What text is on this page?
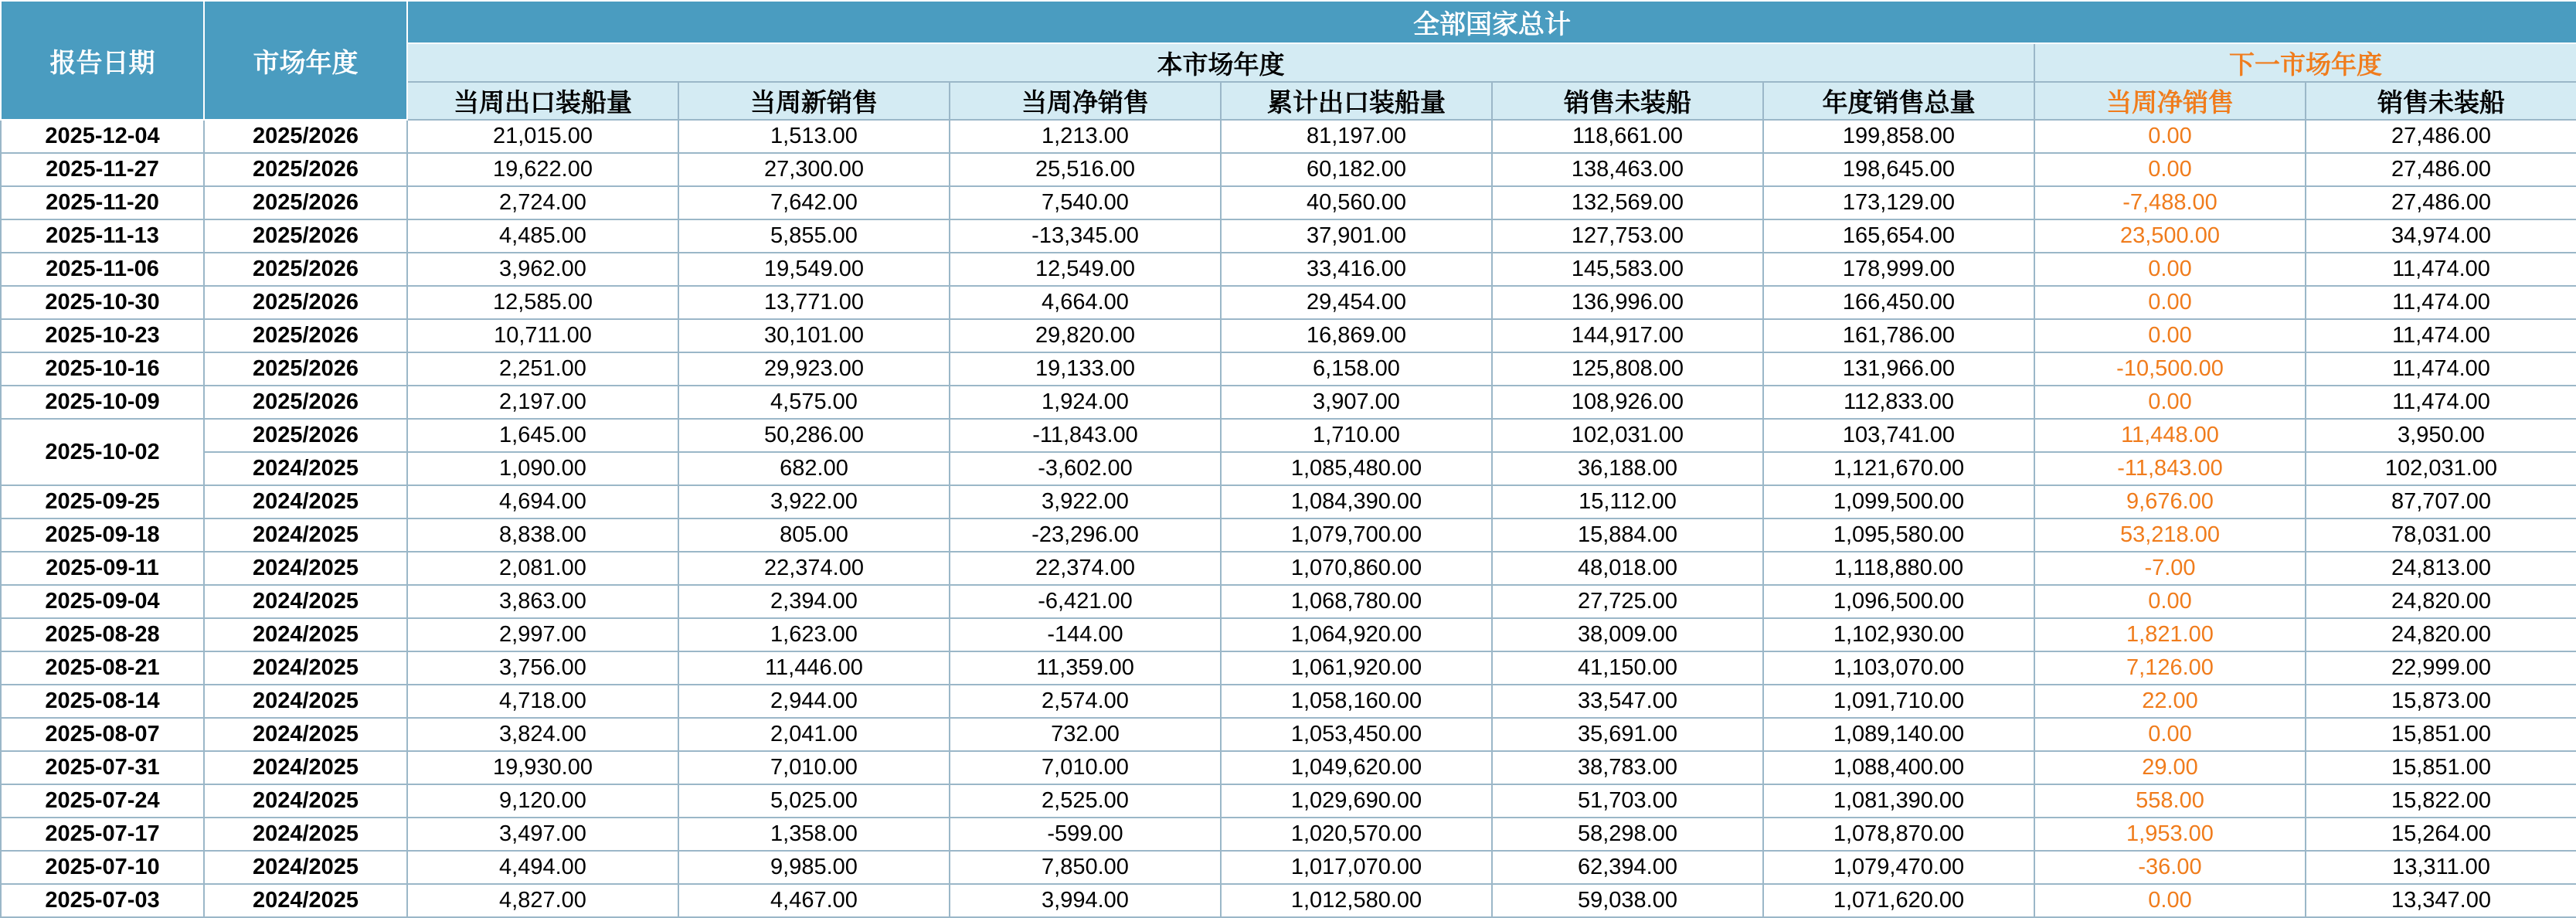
报告日期	市场年度	全部国家总计							
		本市场年度						下一市场年度	
		当周出口装船量	当周新销售	当周净销售	累计出口装船量	销售未装船	年度销售总量	当周净销售	销售未装船
2025-12-04	2025/2026	21,015.00	1,513.00	1,213.00	81,197.00	118,661.00	199,858.00	0.00	27,486.00
2025-11-27	2025/2026	19,622.00	27,300.00	25,516.00	60,182.00	138,463.00	198,645.00	0.00	27,486.00
2025-11-20	2025/2026	2,724.00	7,642.00	7,540.00	40,560.00	132,569.00	173,129.00	-7,488.00	27,486.00
2025-11-13	2025/2026	4,485.00	5,855.00	-13,345.00	37,901.00	127,753.00	165,654.00	23,500.00	34,974.00
2025-11-06	2025/2026	3,962.00	19,549.00	12,549.00	33,416.00	145,583.00	178,999.00	0.00	11,474.00
2025-10-30	2025/2026	12,585.00	13,771.00	4,664.00	29,454.00	136,996.00	166,450.00	0.00	11,474.00
2025-10-23	2025/2026	10,711.00	30,101.00	29,820.00	16,869.00	144,917.00	161,786.00	0.00	11,474.00
2025-10-16	2025/2026	2,251.00	29,923.00	19,133.00	6,158.00	125,808.00	131,966.00	-10,500.00	11,474.00
2025-10-09	2025/2026	2,197.00	4,575.00	1,924.00	3,907.00	108,926.00	112,833.00	0.00	11,474.00
2025-10-02	2025/2026	1,645.00	50,286.00	-11,843.00	1,710.00	102,031.00	103,741.00	11,448.00	3,950.00
	2024/2025	1,090.00	682.00	-3,602.00	1,085,480.00	36,188.00	1,121,670.00	-11,843.00	102,031.00
2025-09-25	2024/2025	4,694.00	3,922.00	3,922.00	1,084,390.00	15,112.00	1,099,500.00	9,676.00	87,707.00
2025-09-18	2024/2025	8,838.00	805.00	-23,296.00	1,079,700.00	15,884.00	1,095,580.00	53,218.00	78,031.00
2025-09-11	2024/2025	2,081.00	22,374.00	22,374.00	1,070,860.00	48,018.00	1,118,880.00	-7.00	24,813.00
2025-09-04	2024/2025	3,863.00	2,394.00	-6,421.00	1,068,780.00	27,725.00	1,096,500.00	0.00	24,820.00
2025-08-28	2024/2025	2,997.00	1,623.00	-144.00	1,064,920.00	38,009.00	1,102,930.00	1,821.00	24,820.00
2025-08-21	2024/2025	3,756.00	11,446.00	11,359.00	1,061,920.00	41,150.00	1,103,070.00	7,126.00	22,999.00
2025-08-14	2024/2025	4,718.00	2,944.00	2,574.00	1,058,160.00	33,547.00	1,091,710.00	22.00	15,873.00
2025-08-07	2024/2025	3,824.00	2,041.00	732.00	1,053,450.00	35,691.00	1,089,140.00	0.00	15,851.00
2025-07-31	2024/2025	19,930.00	7,010.00	7,010.00	1,049,620.00	38,783.00	1,088,400.00	29.00	15,851.00
2025-07-24	2024/2025	9,120.00	5,025.00	2,525.00	1,029,690.00	51,703.00	1,081,390.00	558.00	15,822.00
2025-07-17	2024/2025	3,497.00	1,358.00	-599.00	1,020,570.00	58,298.00	1,078,870.00	1,953.00	15,264.00
2025-07-10	2024/2025	4,494.00	9,985.00	7,850.00	1,017,070.00	62,394.00	1,079,470.00	-36.00	13,311.00
2025-07-03	2024/2025	4,827.00	4,467.00	3,994.00	1,012,580.00	59,038.00	1,071,620.00	0.00	13,347.00
